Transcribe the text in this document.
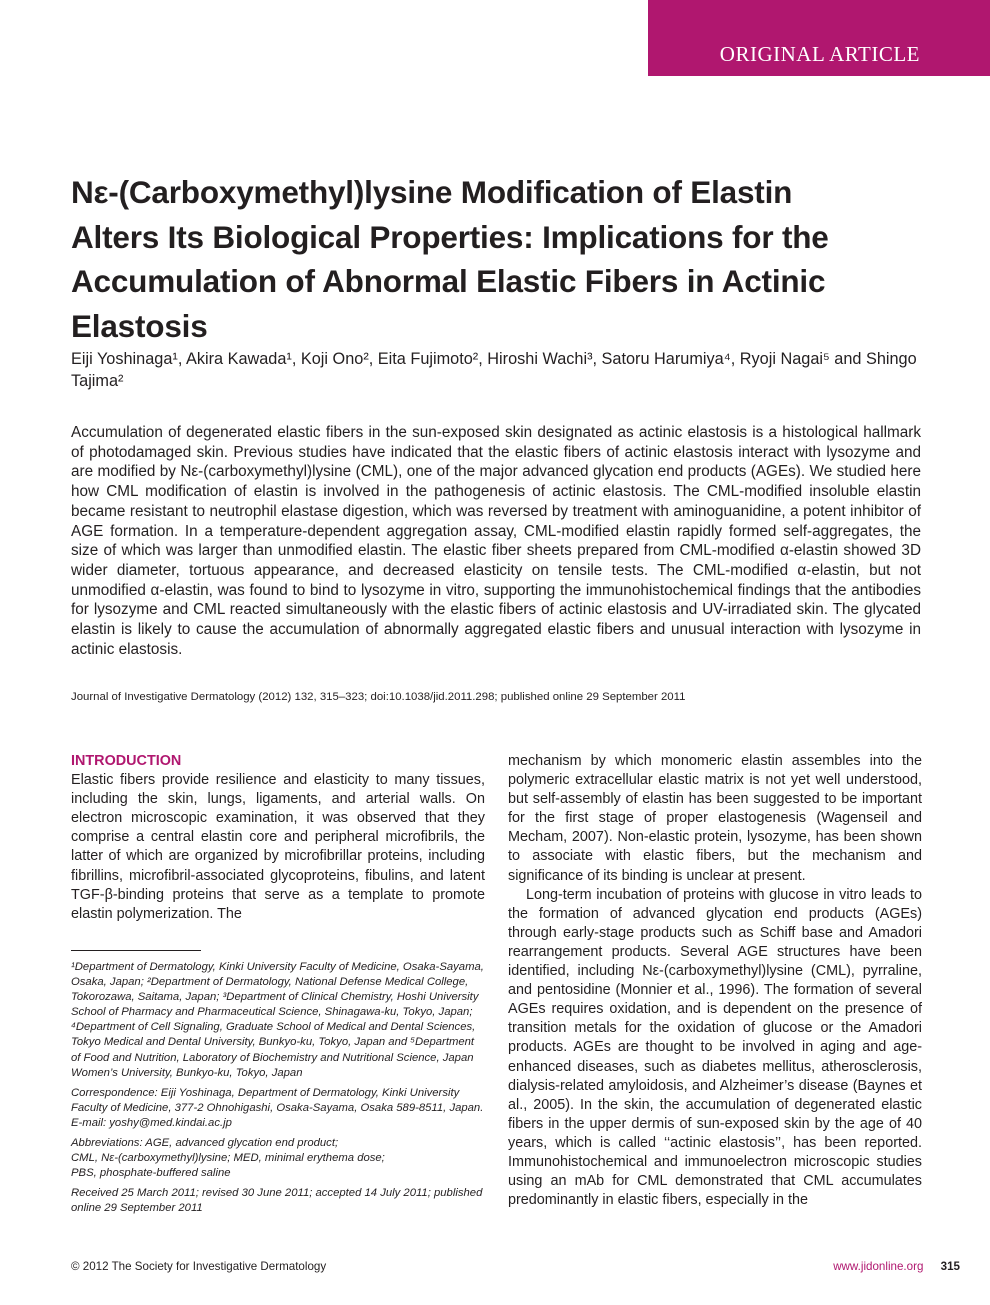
ORIGINAL ARTICLE
Nε-(Carboxymethyl)lysine Modification of Elastin
Alters Its Biological Properties: Implications for the
Accumulation of Abnormal Elastic Fibers in Actinic
Elastosis
Eiji Yoshinaga¹, Akira Kawada¹, Koji Ono², Eita Fujimoto², Hiroshi Wachi³, Satoru Harumiya⁴, Ryoji Nagai⁵ and Shingo Tajima²
Accumulation of degenerated elastic fibers in the sun-exposed skin designated as actinic elastosis is a histological hallmark of photodamaged skin. Previous studies have indicated that the elastic fibers of actinic elastosis interact with lysozyme and are modified by Nε-(carboxymethyl)lysine (CML), one of the major advanced glycation end products (AGEs). We studied here how CML modification of elastin is involved in the pathogenesis of actinic elastosis. The CML-modified insoluble elastin became resistant to neutrophil elastase digestion, which was reversed by treatment with aminoguanidine, a potent inhibitor of AGE formation. In a temperature-dependent aggregation assay, CML-modified elastin rapidly formed self-aggregates, the size of which was larger than unmodified elastin. The elastic fiber sheets prepared from CML-modified α-elastin showed 3D wider diameter, tortuous appearance, and decreased elasticity on tensile tests. The CML-modified α-elastin, but not unmodified α-elastin, was found to bind to lysozyme in vitro, supporting the immunohistochemical findings that the antibodies for lysozyme and CML reacted simultaneously with the elastic fibers of actinic elastosis and UV-irradiated skin. The glycated elastin is likely to cause the accumulation of abnormally aggregated elastic fibers and unusual interaction with lysozyme in actinic elastosis.
Journal of Investigative Dermatology (2012) 132, 315–323; doi:10.1038/jid.2011.298; published online 29 September 2011
INTRODUCTION

Elastic fibers provide resilience and elasticity to many tissues, including the skin, lungs, ligaments, and arterial walls. On electron microscopic examination, it was observed that they comprise a central elastin core and peripheral microfibrils, the latter of which are organized by microfibrillar proteins, including fibrillins, microfibril-associated glycoproteins, fibulins, and latent TGF-β-binding proteins that serve as a template to promote elastin polymerization. The

¹Department of Dermatology, Kinki University Faculty of Medicine, Osaka-Sayama, Osaka, Japan; ²Department of Dermatology, National Defense Medical College, Tokorozawa, Saitama, Japan; ³Department of Clinical Chemistry, Hoshi University School of Pharmacy and Pharmaceutical Science, Shinagawa-ku, Tokyo, Japan; ⁴Department of Cell Signaling, Graduate School of Medical and Dental Sciences, Tokyo Medical and Dental University, Bunkyo-ku, Tokyo, Japan and ⁵Department of Food and Nutrition, Laboratory of Biochemistry and Nutritional Science, Japan Women’s University, Bunkyo-ku, Tokyo, Japan

Correspondence: Eiji Yoshinaga, Department of Dermatology, Kinki University Faculty of Medicine, 377-2 Ohnohigashi, Osaka-Sayama, Osaka 589-8511, Japan. E-mail: yoshy@med.kindai.ac.jp

Abbreviations: AGE, advanced glycation end product;
CML, Nε-(carboxymethyl)lysine; MED, minimal erythema dose;
PBS, phosphate-buffered saline

Received 25 March 2011; revised 30 June 2011; accepted 14 July 2011; published online 29 September 2011

mechanism by which monomeric elastin assembles into the polymeric extracellular elastic matrix is not yet well understood, but self-assembly of elastin has been suggested to be important for the first stage of proper elastogenesis (Wagenseil and Mecham, 2007). Non-elastic protein, lysozyme, has been shown to associate with elastic fibers, but the mechanism and significance of its binding is unclear at present.

Long-term incubation of proteins with glucose in vitro leads to the formation of advanced glycation end products (AGEs) through early-stage products such as Schiff base and Amadori rearrangement products. Several AGE structures have been identified, including Nε-(carboxymethyl)lysine (CML), pyrraline, and pentosidine (Monnier et al., 1996). The formation of several AGEs requires oxidation, and is dependent on the presence of transition metals for the oxidation of glucose or the Amadori products. AGEs are thought to be involved in aging and age-enhanced diseases, such as diabetes mellitus, atherosclerosis, dialysis-related amyloidosis, and Alzheimer’s disease (Baynes et al., 2005). In the skin, the accumulation of degenerated elastic fibers in the upper dermis of sun-exposed skin by the age of 40 years, which is called ‘‘actinic elastosis’’, has been reported. Immunohistochemical and immunoelectron microscopic studies using an mAb for CML demonstrated that CML accumulates predominantly in elastic fibers, especially in the

© 2012 The Society for Investigative Dermatology	www.jidonline.org 315
